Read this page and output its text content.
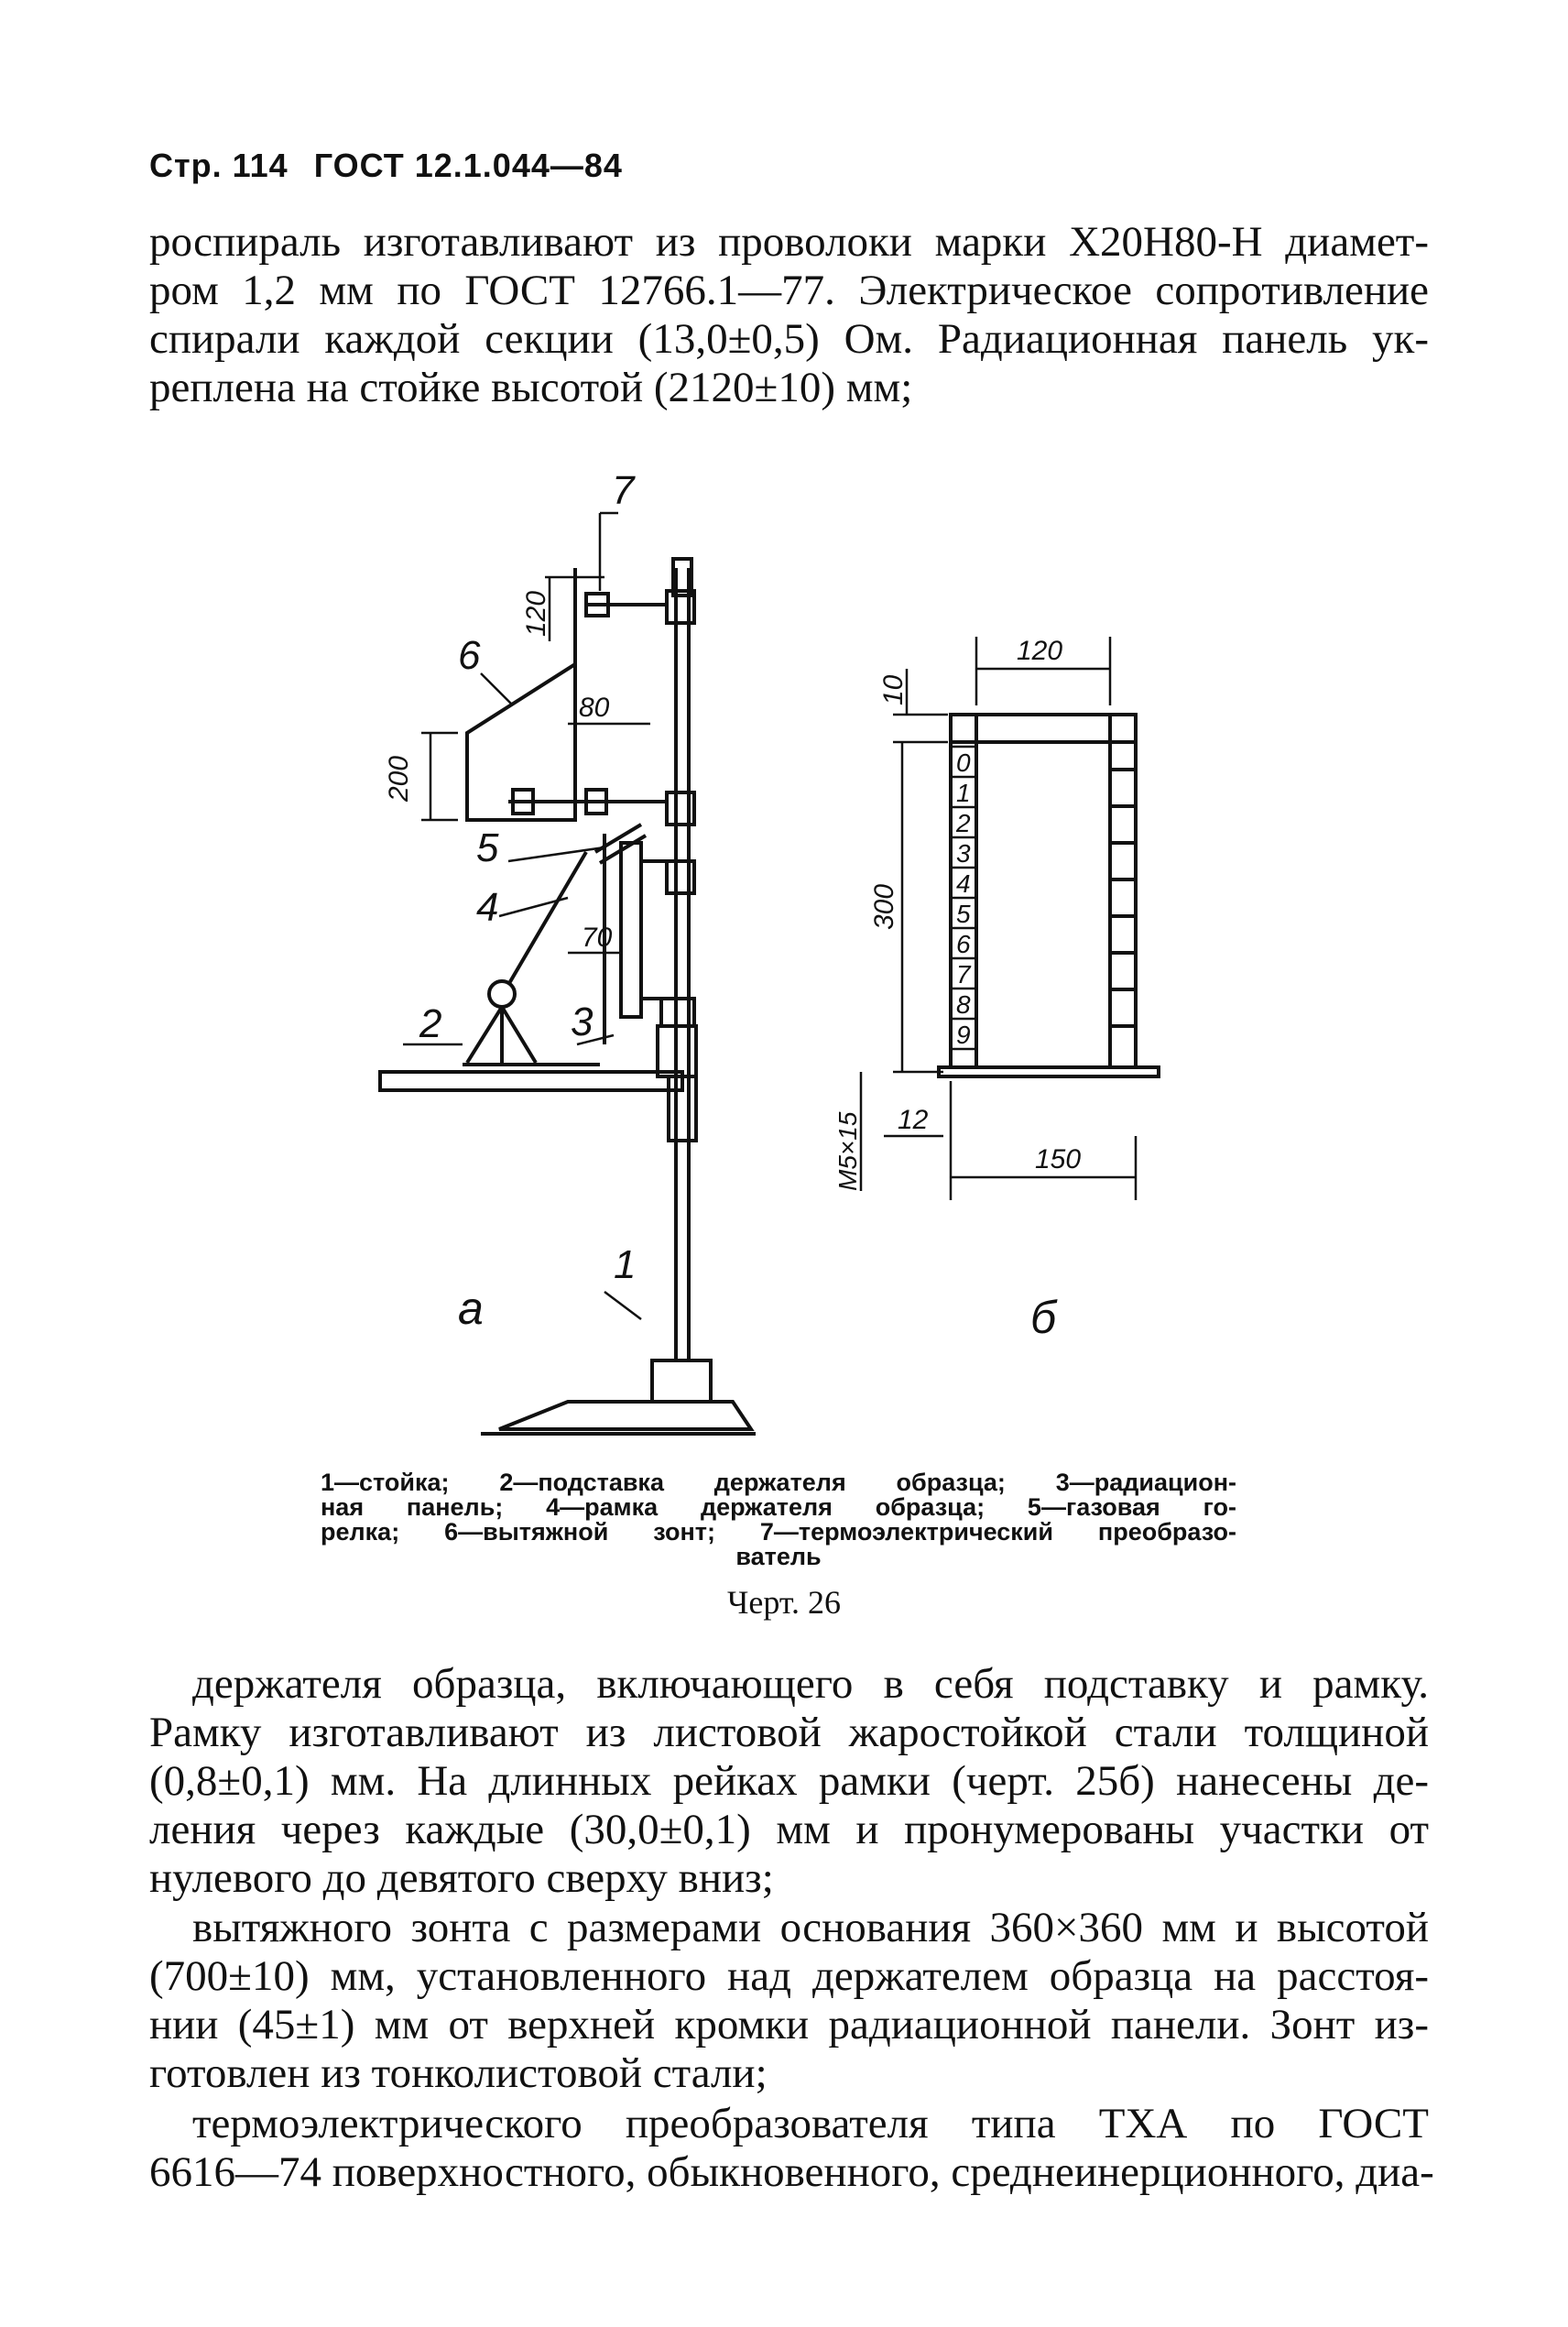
Стр. 114 ГОСТ 12.1.044—84
роспираль изготавливают из проволоки марки Х20Н80-Н диамет-
ром 1,2 мм по ГОСТ 12766.1—77. Электрическое сопротивление
спирали каждой секции (13,0±0,5) Ом. Радиационная панель ук-
реплена на стойке высотой (2120±10) мм;
7
6
5
4
3
2
1
120
80
200
70
а
0
1
2
3
4
5
6
7
8
9
10
120
300
12
150
М5×15
б
1—стойка; 2—подставка держателя образца; 3—радиацион-
ная панель; 4—рамка держателя образца; 5—газовая го-
релка; 6—вытяжной зонт; 7—термоэлектрический преобразо-
ватель
Черт. 26
держателя образца, включающего в себя подставку и рамку.
Рамку изготавливают из листовой жаростойкой стали толщиной
(0,8±0,1) мм. На длинных рейках рамки (черт. 25б) нанесены де-
ления через каждые (30,0±0,1) мм и пронумерованы участки от
нулевого до девятого сверху вниз;
вытяжного зонта с размерами основания 360×360 мм и высотой
(700±10) мм, установленного над держателем образца на расстоя-
нии (45±1) мм от верхней кромки радиационной панели. Зонт из-
готовлен из тонколистовой стали;
термоэлектрического преобразователя типа ТХА по ГОСТ
6616—74 поверхностного, обыкновенного, среднеинерционного, диа-
